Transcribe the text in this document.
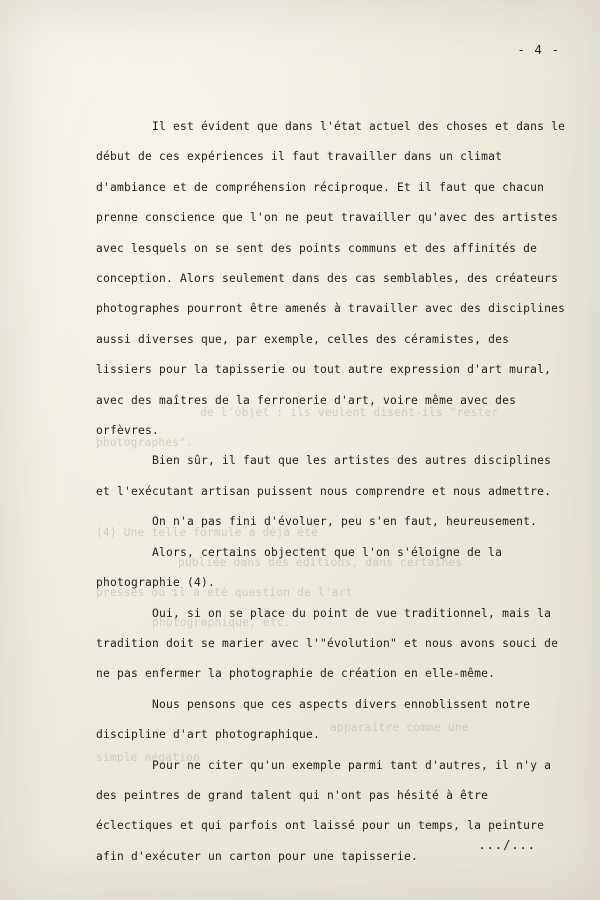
de l'objet : ils veulent disent-ils "rester
photographes".
(4) Une telle formule a déjà été
publiée dans des éditions, dans certaines
presses où il a été question de l'art
photographique, etc.
apparaître comme une
simple négation
- 4 -

Il est évident que dans l'état actuel des choses et dans le début de ces expériences il faut travailler dans un climat d'ambiance et de compréhension réciproque. Et il faut que chacun prenne conscience que l'on ne peut travailler qu'avec des artistes avec lesquels on se sent des points communs et des affinités de conception. Alors seulement dans des cas semblables, des créateurs photographes pourront être amenés à travailler avec des disciplines aussi diverses que, par exemple, celles des céramistes, des lissiers pour la tapisserie ou tout autre expression d'art mural, avec des maîtres de la ferronerie d'art, voire même avec des orfèvres.

Bien sûr, il faut que les artistes des autres disciplines et l'exécutant artisan puissent nous comprendre et nous admettre.

On n'a pas fini d'évoluer, peu s'en faut, heureusement.

Alors, certains objectent que l'on s'éloigne de la photographie (4).

Oui, si on se place du point de vue traditionnel, mais la tradition doit se marier avec l'"évolution" et nous avons souci de ne pas enfermer la photographie de création en elle-même.

Nous pensons que ces aspects divers ennoblissent notre discipline d'art photographique.

Pour ne citer qu'un exemple parmi tant d'autres, il n'y a des peintres de grand talent qui n'ont pas hésité à être éclectiques et qui parfois ont laissé pour un temps, la peinture afin d'exécuter un carton pour une tapisserie.

.../...
